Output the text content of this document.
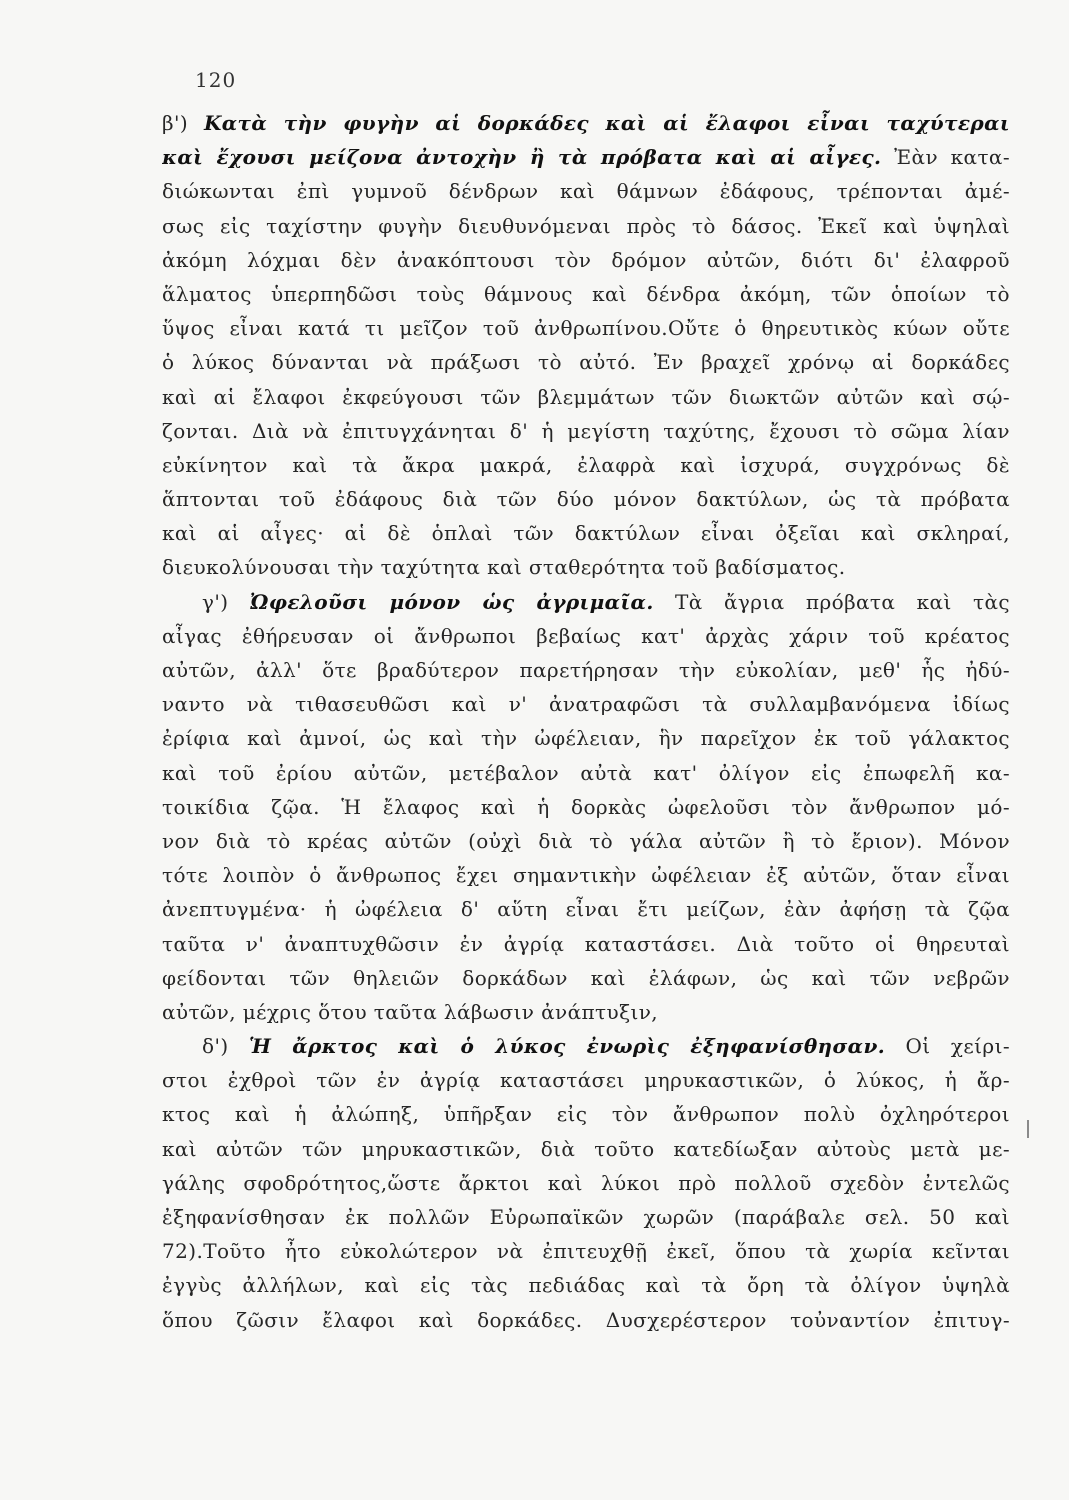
120
β') Κατὰ τὴν φυγὴν αἱ δορκάδες καὶ αἱ ἔλαφοι εἶναι ταχύτεραι
καὶ ἔχουσι μείζονα ἀντοχὴν ἢ τὰ πρόβατα καὶ αἱ αἶγες. Ἐὰν κατα-
διώκωνται ἐπὶ γυμνοῦ δένδρων καὶ θάμνων ἐδάφους, τρέπονται ἀμέ-
σως εἰς ταχίστην φυγὴν διευθυνόμεναι πρὸς τὸ δάσος. Ἐκεῖ καὶ ὑψηλαὶ
ἀκόμη λόχμαι δὲν ἀνακόπτουσι τὸν δρόμον αὐτῶν, διότι δι' ἐλαφροῦ
ἅλματος ὑπερπηδῶσι τοὺς θάμνους καὶ δένδρα ἀκόμη, τῶν ὁποίων τὸ
ὕψος εἶναι κατά τι μεῖζον τοῦ ἀνθρωπίνου.Οὔτε ὁ θηρευτικὸς κύων οὔτε
ὁ λύκος δύνανται νὰ πράξωσι τὸ αὐτό. Ἐν βραχεῖ χρόνῳ αἱ δορκάδες
καὶ αἱ ἔλαφοι ἐκφεύγουσι τῶν βλεμμάτων τῶν διωκτῶν αὐτῶν καὶ σῴ-
ζονται. Διὰ νὰ ἐπιτυγχάνηται δ' ἡ μεγίστη ταχύτης, ἔχουσι τὸ σῶμα λίαν
εὐκίνητον καὶ τὰ ἄκρα μακρά, ἐλαφρὰ καὶ ἰσχυρά, συγχρόνως δὲ
ἅπτονται τοῦ ἐδάφους διὰ τῶν δύο μόνον δακτύλων, ὡς τὰ πρόβατα
καὶ αἱ αἶγες· αἱ δὲ ὁπλαὶ τῶν δακτύλων εἶναι ὀξεῖαι καὶ σκληραί,
διευκολύνουσαι τὴν ταχύτητα καὶ σταθερότητα τοῦ βαδίσματος.
γ') Ὠφελοῦσι μόνον ὡς ἀγριμαῖα. Τὰ ἄγρια πρόβατα καὶ τὰς
αἶγας ἐθήρευσαν οἱ ἄνθρωποι βεβαίως κατ' ἀρχὰς χάριν τοῦ κρέατος
αὐτῶν, ἀλλ' ὅτε βραδύτερον παρετήρησαν τὴν εὐκολίαν, μεθ' ἧς ἠδύ-
ναντο νὰ τιθασευθῶσι καὶ ν' ἀνατραφῶσι τὰ συλλαμβανόμενα ἰδίως
ἐρίφια καὶ ἀμνοί, ὡς καὶ τὴν ὠφέλειαν, ἣν παρεῖχον ἐκ τοῦ γάλακτος
καὶ τοῦ ἐρίου αὐτῶν, μετέβαλον αὐτὰ κατ' ὀλίγον εἰς ἐπωφελῆ κα-
τοικίδια ζῷα. Ἡ ἔλαφος καὶ ἡ δορκὰς ὠφελοῦσι τὸν ἄνθρωπον μό-
νον διὰ τὸ κρέας αὐτῶν (οὐχὶ διὰ τὸ γάλα αὐτῶν ἢ τὸ ἔριον). Μόνον
τότε λοιπὸν ὁ ἄνθρωπος ἔχει σημαντικὴν ὠφέλειαν ἐξ αὐτῶν, ὅταν εἶναι
ἀνεπτυγμένα· ἡ ὠφέλεια δ' αὕτη εἶναι ἔτι μείζων, ἐὰν ἀφήσῃ τὰ ζῷα
ταῦτα ν' ἀναπτυχθῶσιν ἐν ἀγρίᾳ καταστάσει. Διὰ τοῦτο οἱ θηρευταὶ
φείδονται τῶν θηλειῶν δορκάδων καὶ ἐλάφων, ὡς καὶ τῶν νεβρῶν
αὐτῶν, μέχρις ὅτου ταῦτα λάβωσιν ἀνάπτυξιν,
δ') Ἡ ἄρκτος καὶ ὁ λύκος ἐνωρὶς ἐξηφανίσθησαν. Οἱ χείρι-
στοι ἐχθροὶ τῶν ἐν ἀγρίᾳ καταστάσει μηρυκαστικῶν, ὁ λύκος, ἡ ἄρ-
κτος καὶ ἡ ἀλώπηξ, ὑπῆρξαν εἰς τὸν ἄνθρωπον πολὺ ὀχληρότεροι
καὶ αὐτῶν τῶν μηρυκαστικῶν, διὰ τοῦτο κατεδίωξαν αὐτοὺς μετὰ με-
γάλης σφοδρότητος,ὥστε ἄρκτοι καὶ λύκοι πρὸ πολλοῦ σχεδὸν ἐντελῶς
ἐξηφανίσθησαν ἐκ πολλῶν Εὐρωπαϊκῶν χωρῶν (παράβαλε σελ. 50 καὶ
72).Τοῦτο ἦτο εὐκολώτερον νὰ ἐπιτευχθῇ ἐκεῖ, ὅπου τὰ χωρία κεῖνται
ἐγγὺς ἀλλήλων, καὶ εἰς τὰς πεδιάδας καὶ τὰ ὄρη τὰ ὀλίγον ὑψηλὰ
ὅπου ζῶσιν ἔλαφοι καὶ δορκάδες. Δυσχερέστερον τοὐναντίον ἐπιτυγ-
